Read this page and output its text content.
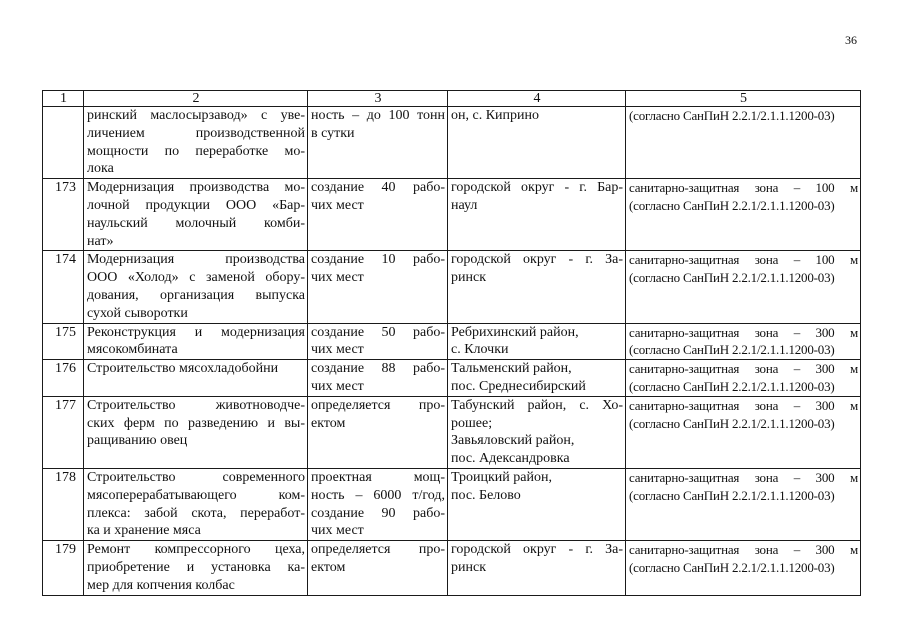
36
1	2	3	4	5

	ринский маслосырзавод» с уве-
личением производственной
мощности по переработке мо-
лока	ность – до 100 тонн
в сутки	он, с. Киприно	(согласно СанПиН 2.2.1/2.1.1.1200-03)

173	Модернизация производства мо-
лочной продукции ООО «Бар-
наульский молочный комби-
нат»	создание 40 рабо-
чих мест	городской округ - г. Бар-
наул	санитарно-защитная зона – 100 м
(согласно СанПиН 2.2.1/2.1.1.1200-03)

174	Модернизация производства
ООО «Холод» с заменой обору-
дования, организация выпуска
сухой сыворотки	создание 10 рабо-
чих мест	городской округ - г. За-
ринск	санитарно-защитная зона – 100 м
(согласно СанПиН 2.2.1/2.1.1.1200-03)

175	Реконструкция и модернизация
мясокомбината	создание 50 рабо-
чих мест	Ребрихинский район,
с. Клочки	санитарно-защитная зона – 300 м
(согласно СанПиН 2.2.1/2.1.1.1200-03)

176	Строительство мясохладобойни	создание 88 рабо-
чих мест	Тальменский район,
пос. Среднесибирский	санитарно-защитная зона – 300 м
(согласно СанПиН 2.2.1/2.1.1.1200-03)

177	Строительство животноводче-
ских ферм по разведению и вы-
ращиванию овец	определяется про-
ектом	Табунский район, с. Хо-
рошее;
Завьяловский район,
пос. Адександровка	санитарно-защитная зона – 300 м
(согласно СанПиН 2.2.1/2.1.1.1200-03)

178	Строительство современного
мясоперерабатывающего ком-
плекса: забой скота, переработ-
ка и хранение мяса	проектная мощ-
ность – 6000 т/год,
создание 90 рабо-
чих мест	Троицкий район,
пос. Белово	санитарно-защитная зона – 300 м
(согласно СанПиН 2.2.1/2.1.1.1200-03)

179	Ремонт компрессорного цеха,
приобретение и установка ка-
мер для копчения колбас	определяется про-
ектом	городской округ - г. За-
ринск	санитарно-защитная зона – 300 м
(согласно СанПиН 2.2.1/2.1.1.1200-03)
